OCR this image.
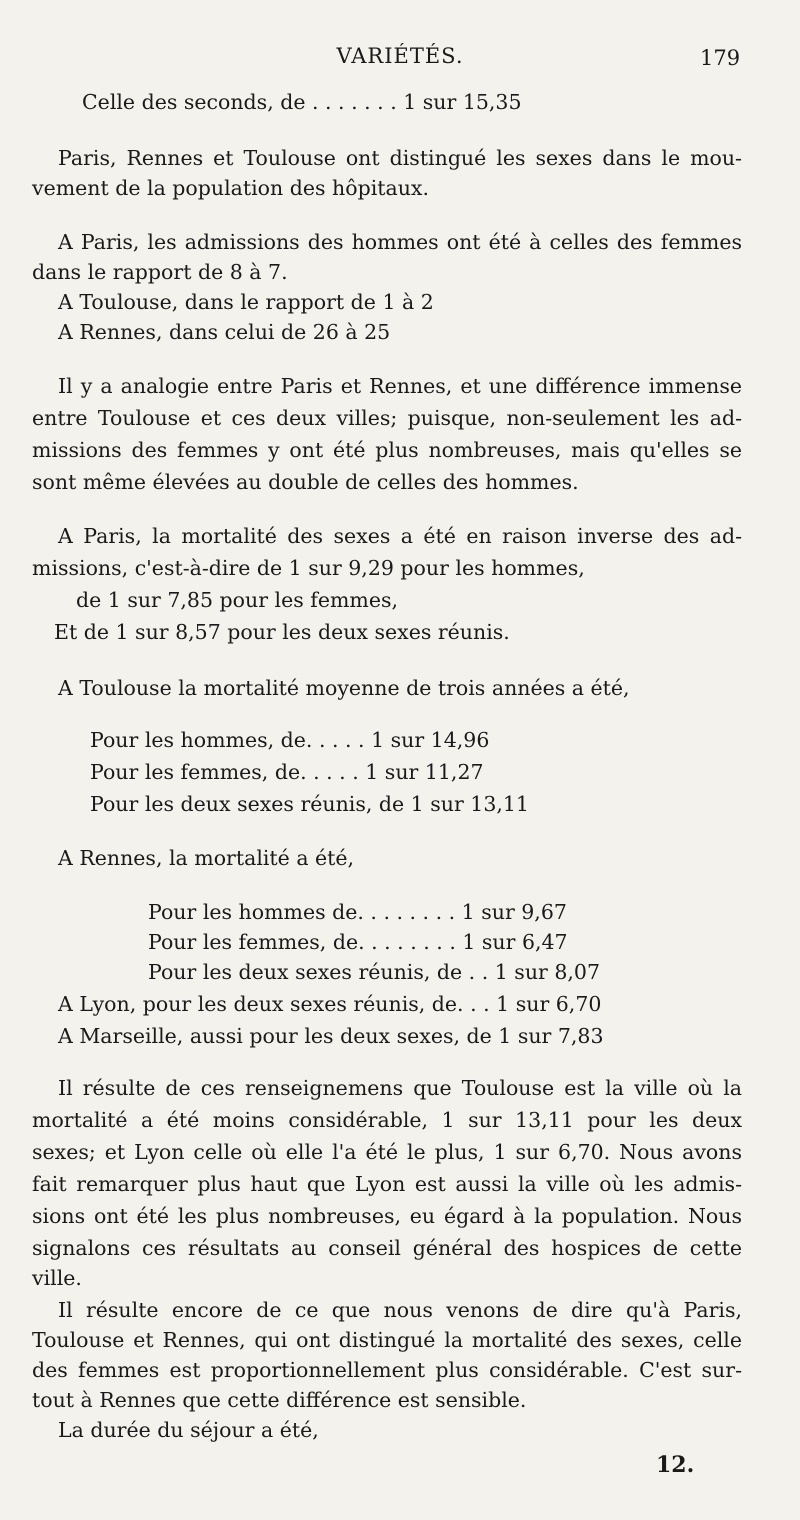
VARIÉTÉS.	179
Celle des seconds, de . . . . . . . 1 sur 15,35
Paris, Rennes et Toulouse ont distingué les sexes dans le mou-
vement de la population des hôpitaux.
A Paris, les admissions des hommes ont été à celles des femmes
dans le rapport de 8 à 7.
A Toulouse, dans le rapport de 1 à 2
A Rennes, dans celui de 26 à 25
Il y a analogie entre Paris et Rennes, et une différence immense
entre Toulouse et ces deux villes; puisque, non-seulement les ad-
missions des femmes y ont été plus nombreuses, mais qu'elles se
sont même élevées au double de celles des hommes.
A Paris, la mortalité des sexes a été en raison inverse des ad-
missions, c'est-à-dire de 1 sur 9,29 pour les hommes,
de 1 sur 7,85 pour les femmes,
Et de 1 sur 8,57 pour les deux sexes réunis.
A Toulouse la mortalité moyenne de trois années a été,
Pour les hommes, de. . . . . 1 sur 14,96
Pour les femmes, de. . . . . 1 sur 11,27
Pour les deux sexes réunis, de 1 sur 13,11
A Rennes, la mortalité a été,
Pour les hommes de. . . . . . . . 1 sur 9,67
Pour les femmes, de. . . . . . . . 1 sur 6,47
Pour les deux sexes réunis, de . . 1 sur 8,07
A Lyon, pour les deux sexes réunis, de. . . 1 sur 6,70
A Marseille, aussi pour les deux sexes, de 1 sur 7,83
Il résulte de ces renseignemens que Toulouse est la ville où la
mortalité a été moins considérable, 1 sur 13,11 pour les deux
sexes; et Lyon celle où elle l'a été le plus, 1 sur 6,70. Nous avons
fait remarquer plus haut que Lyon est aussi la ville où les admis-
sions ont été les plus nombreuses, eu égard à la population. Nous
signalons ces résultats au conseil général des hospices de cette
ville.
Il résulte encore de ce que nous venons de dire qu'à Paris,
Toulouse et Rennes, qui ont distingué la mortalité des sexes, celle
des femmes est proportionnellement plus considérable. C'est sur-
tout à Rennes que cette différence est sensible.
La durée du séjour a été,
12.
